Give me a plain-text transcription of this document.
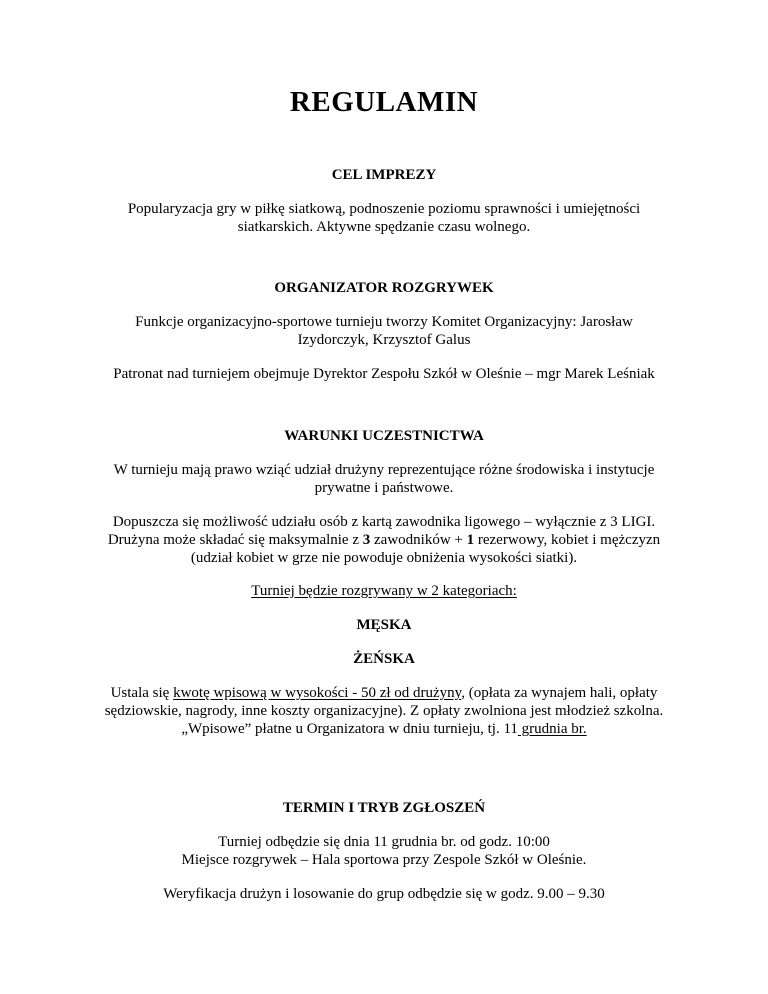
REGULAMIN
CEL IMPREZY
Popularyzacja gry w piłkę siatkową, podnoszenie poziomu sprawności i umiejętności
siatkarskich. Aktywne spędzanie czasu wolnego.
ORGANIZATOR ROZGRYWEK
Funkcje organizacyjno-sportowe turnieju tworzy Komitet Organizacyjny: Jarosław
Izydorczyk, Krzysztof Galus
Patronat nad turniejem obejmuje Dyrektor Zespołu Szkół w Oleśnie – mgr Marek Leśniak
WARUNKI UCZESTNICTWA
W turnieju mają prawo wziąć udział drużyny reprezentujące różne środowiska i instytucje
prywatne i państwowe.
Dopuszcza się możliwość udziału osób z kartą zawodnika ligowego – wyłącznie z 3 LIGI.
Drużyna może składać się maksymalnie z 3 zawodników + 1 rezerwowy, kobiet i mężczyzn
(udział kobiet w grze nie powoduje obniżenia wysokości siatki).
Turniej będzie rozgrywany w 2 kategoriach:
MĘSKA
ŻEŃSKA
Ustala się kwotę wpisową w wysokości - 50 zł od drużyny, (opłata za wynajem hali, opłaty
sędziowskie, nagrody, inne koszty organizacyjne). Z opłaty zwolniona jest młodzież szkolna.
„Wpisowe” płatne u Organizatora w dniu turnieju, tj. 11 grudnia br.
TERMIN I TRYB ZGŁOSZEŃ
Turniej odbędzie się dnia 11 grudnia br. od godz. 10:00
Miejsce rozgrywek – Hala sportowa przy Zespole Szkół w Oleśnie.
Weryfikacja drużyn i losowanie do grup odbędzie się w godz. 9.00 – 9.30
